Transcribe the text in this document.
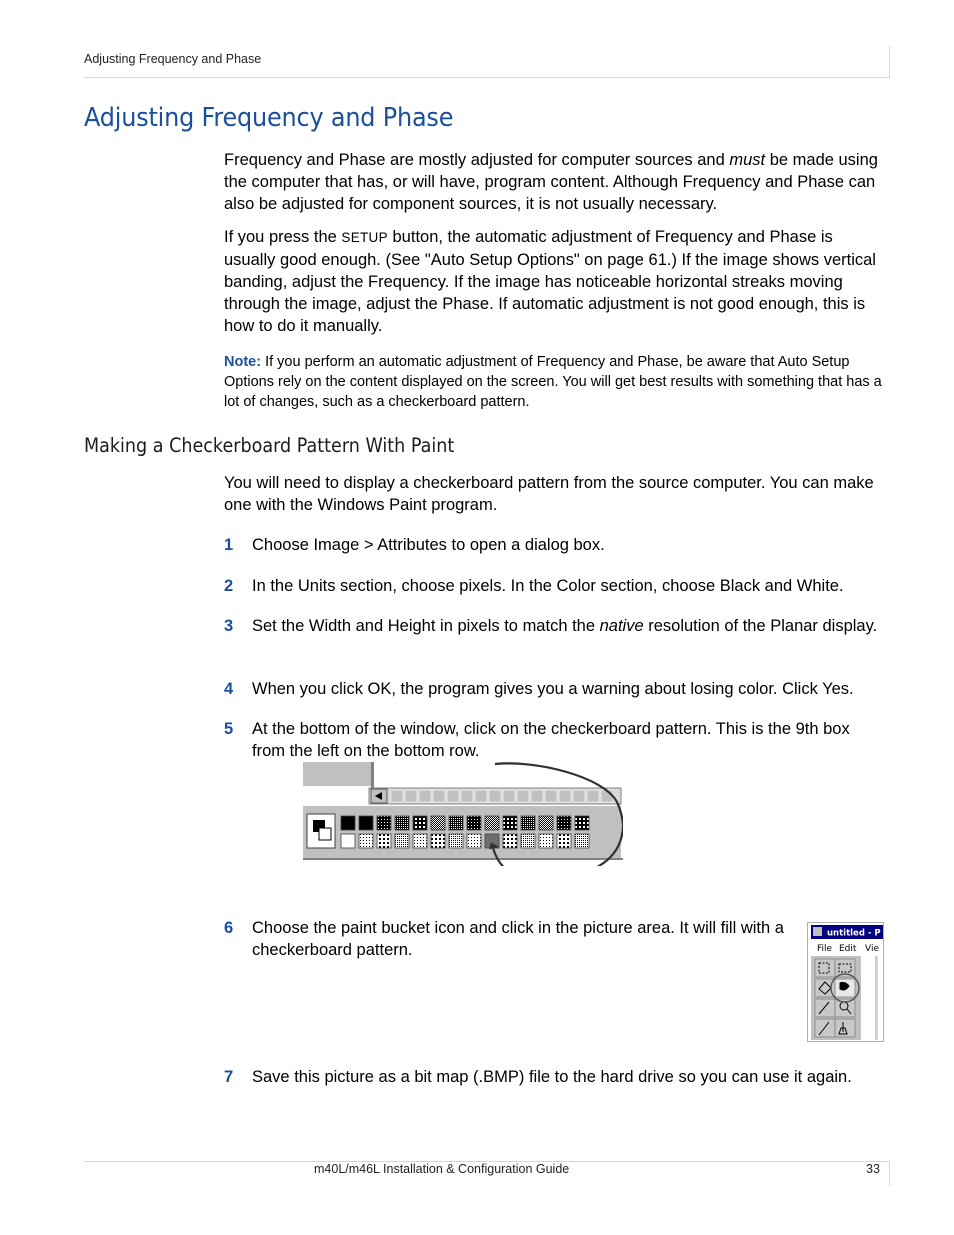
Adjusting Frequency and Phase
Adjusting Frequency and Phase

Frequency and Phase are mostly adjusted for computer sources and must be made using the computer that has, or will have, program content. Although Frequency and Phase can also be adjusted for component sources, it is not usually necessary.

If you press the SETUP button, the automatic adjustment of Frequency and Phase is usually good enough. (See "Auto Setup Options" on page 61.) If the image shows vertical banding, adjust the Frequency. If the image has noticeable horizontal streaks moving through the image, adjust the Phase. If automatic adjustment is not good enough, this is how to do it manually.

Note: If you perform an automatic adjustment of Frequency and Phase, be aware that Auto Setup Options rely on the content displayed on the screen. You will get best results with something that has a lot of changes, such as a checkerboard pattern.

Making a Checkerboard Pattern With Paint

You will need to display a checkerboard pattern from the source computer. You can make one with the Windows Paint program.

1 Choose Image > Attributes to open a dialog box.
2 In the Units section, choose pixels. In the Color section, choose Black and White.
3 Set the Width and Height in pixels to match the native resolution of the Planar display.
4 When you click OK, the program gives you a warning about losing color. Click Yes.
5 At the bottom of the window, click on the checkerboard pattern. This is the 9th box from the left on the bottom row.
6 Choose the paint bucket icon and click in the picture area. It will fill with a checkerboard pattern.
untitled - P
File Edit Vie
7 Save this picture as a bit map (.BMP) file to the hard drive so you can use it again.
m40L/m46L Installation & Configuration Guide	33
